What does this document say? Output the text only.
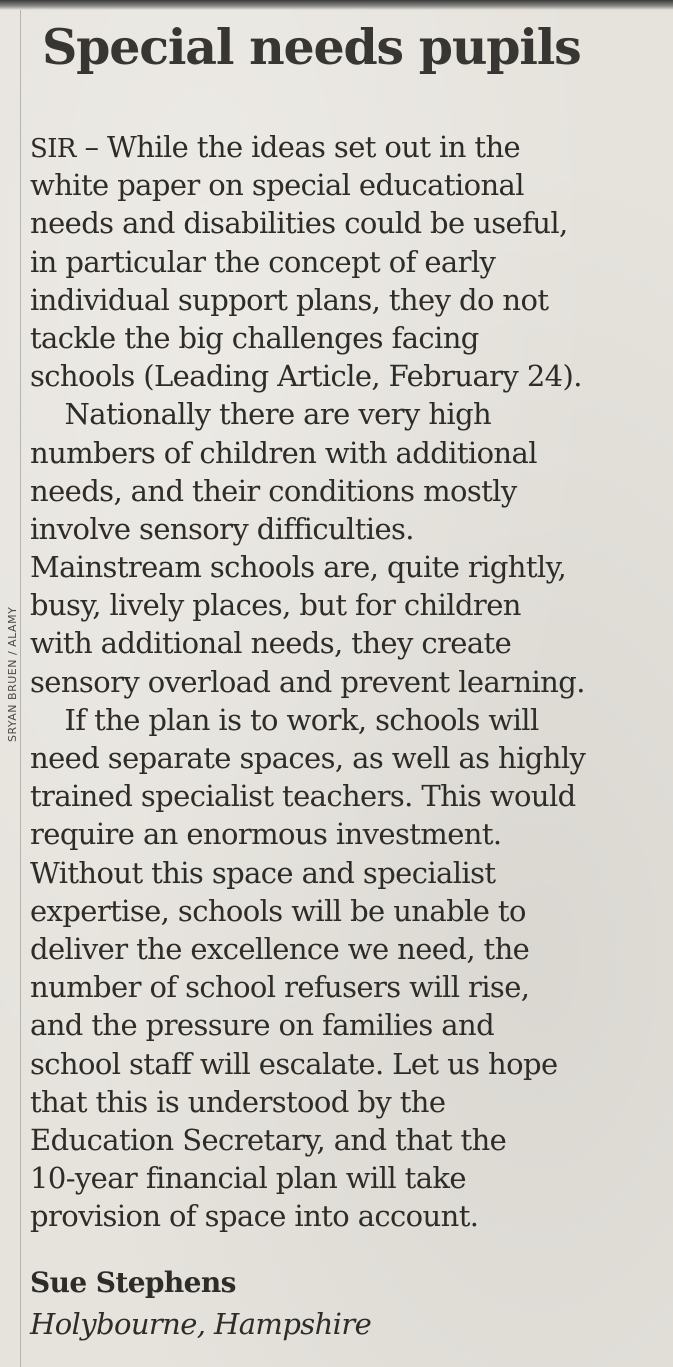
SRYAN BRUEN / ALAMY
Special needs pupils
SIR – While the ideas set out in the
white paper on special educational
needs and disabilities could be useful,
in particular the concept of early
individual support plans, they do not
tackle the big challenges facing
schools (Leading Article, February 24).
Nationally there are very high
numbers of children with additional
needs, and their conditions mostly
involve sensory difficulties.
Mainstream schools are, quite rightly,
busy, lively places, but for children
with additional needs, they create
sensory overload and prevent learning.
If the plan is to work, schools will
need separate spaces, as well as highly
trained specialist teachers. This would
require an enormous investment.
Without this space and specialist
expertise, schools will be unable to
deliver the excellence we need, the
number of school refusers will rise,
and the pressure on families and
school staff will escalate. Let us hope
that this is understood by the
Education Secretary, and that the
10-year financial plan will take
provision of space into account.
Sue Stephens
Holybourne, Hampshire
